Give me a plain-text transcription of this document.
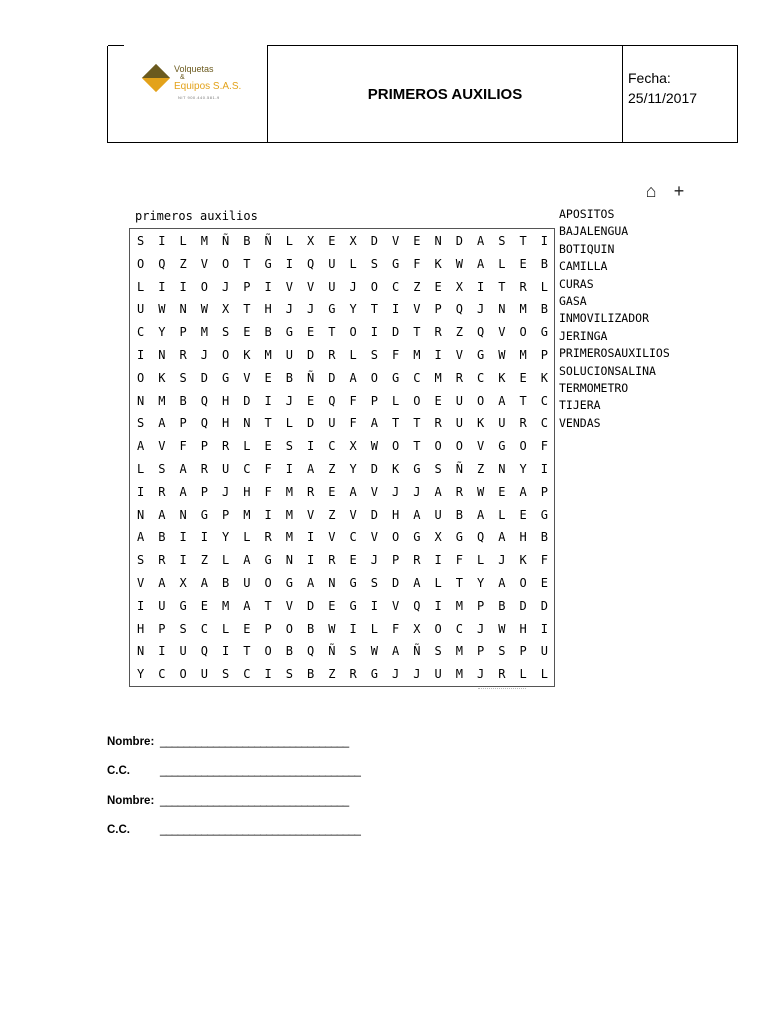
Volquetas
&
Equipos S.A.S.
NIT 900.440.581-9	PRIMEROS AUXILIOS	
Fecha:
25/11/2017
⌂ +
primeros auxilios
S	I	L	M	Ñ	B	Ñ	L	X	E	X	D	V	E	N	D	A	S	T	I
O	Q	Z	V	O	T	G	I	Q	U	L	S	G	F	K	W	A	L	E	B
L	I	I	O	J	P	I	V	V	U	J	O	C	Z	E	X	I	T	R	L
U	W	N	W	X	T	H	J	J	G	Y	T	I	V	P	Q	J	N	M	B
C	Y	P	M	S	E	B	G	E	T	O	I	D	T	R	Z	Q	V	O	G
I	N	R	J	O	K	M	U	D	R	L	S	F	M	I	V	G	W	M	P
O	K	S	D	G	V	E	B	Ñ	D	A	O	G	C	M	R	C	K	E	K
N	M	B	Q	H	D	I	J	E	Q	F	P	L	O	E	U	O	A	T	C
S	A	P	Q	H	N	T	L	D	U	F	A	T	T	R	U	K	U	R	C
A	V	F	P	R	L	E	S	I	C	X	W	O	T	O	O	V	G	O	F
L	S	A	R	U	C	F	I	A	Z	Y	D	K	G	S	Ñ	Z	N	Y	I
I	R	A	P	J	H	F	M	R	E	A	V	J	J	A	R	W	E	A	P
N	A	N	G	P	M	I	M	V	Z	V	D	H	A	U	B	A	L	E	G
A	B	I	I	Y	L	R	M	I	V	C	V	O	G	X	G	Q	A	H	B
S	R	I	Z	L	A	G	N	I	R	E	J	P	R	I	F	L	J	K	F
V	A	X	A	B	U	O	G	A	N	G	S	D	A	L	T	Y	A	O	E
I	U	G	E	M	A	T	V	D	E	G	I	V	Q	I	M	P	B	D	D
H	P	S	C	L	E	P	O	B	W	I	L	F	X	O	C	J	W	H	I
N	I	U	Q	I	T	O	B	Q	Ñ	S	W	A	Ñ	S	M	P	S	P	U
Y	C	O	U	S	C	I	S	B	Z	R	G	J	J	U	M	J	R	L	L
APOSITOS
BAJALENGUA
BOTIQUIN
CAMILLA
CURAS
GASA
INMOVILIZADOR
JERINGA
PRIMEROSAUXILIOS
SOLUCIONSALINA
TERMOMETRO
TIJERA
VENDAS
Nombre: ________________________________
C.C.	__________________________________
Nombre: ________________________________
C.C.	__________________________________
